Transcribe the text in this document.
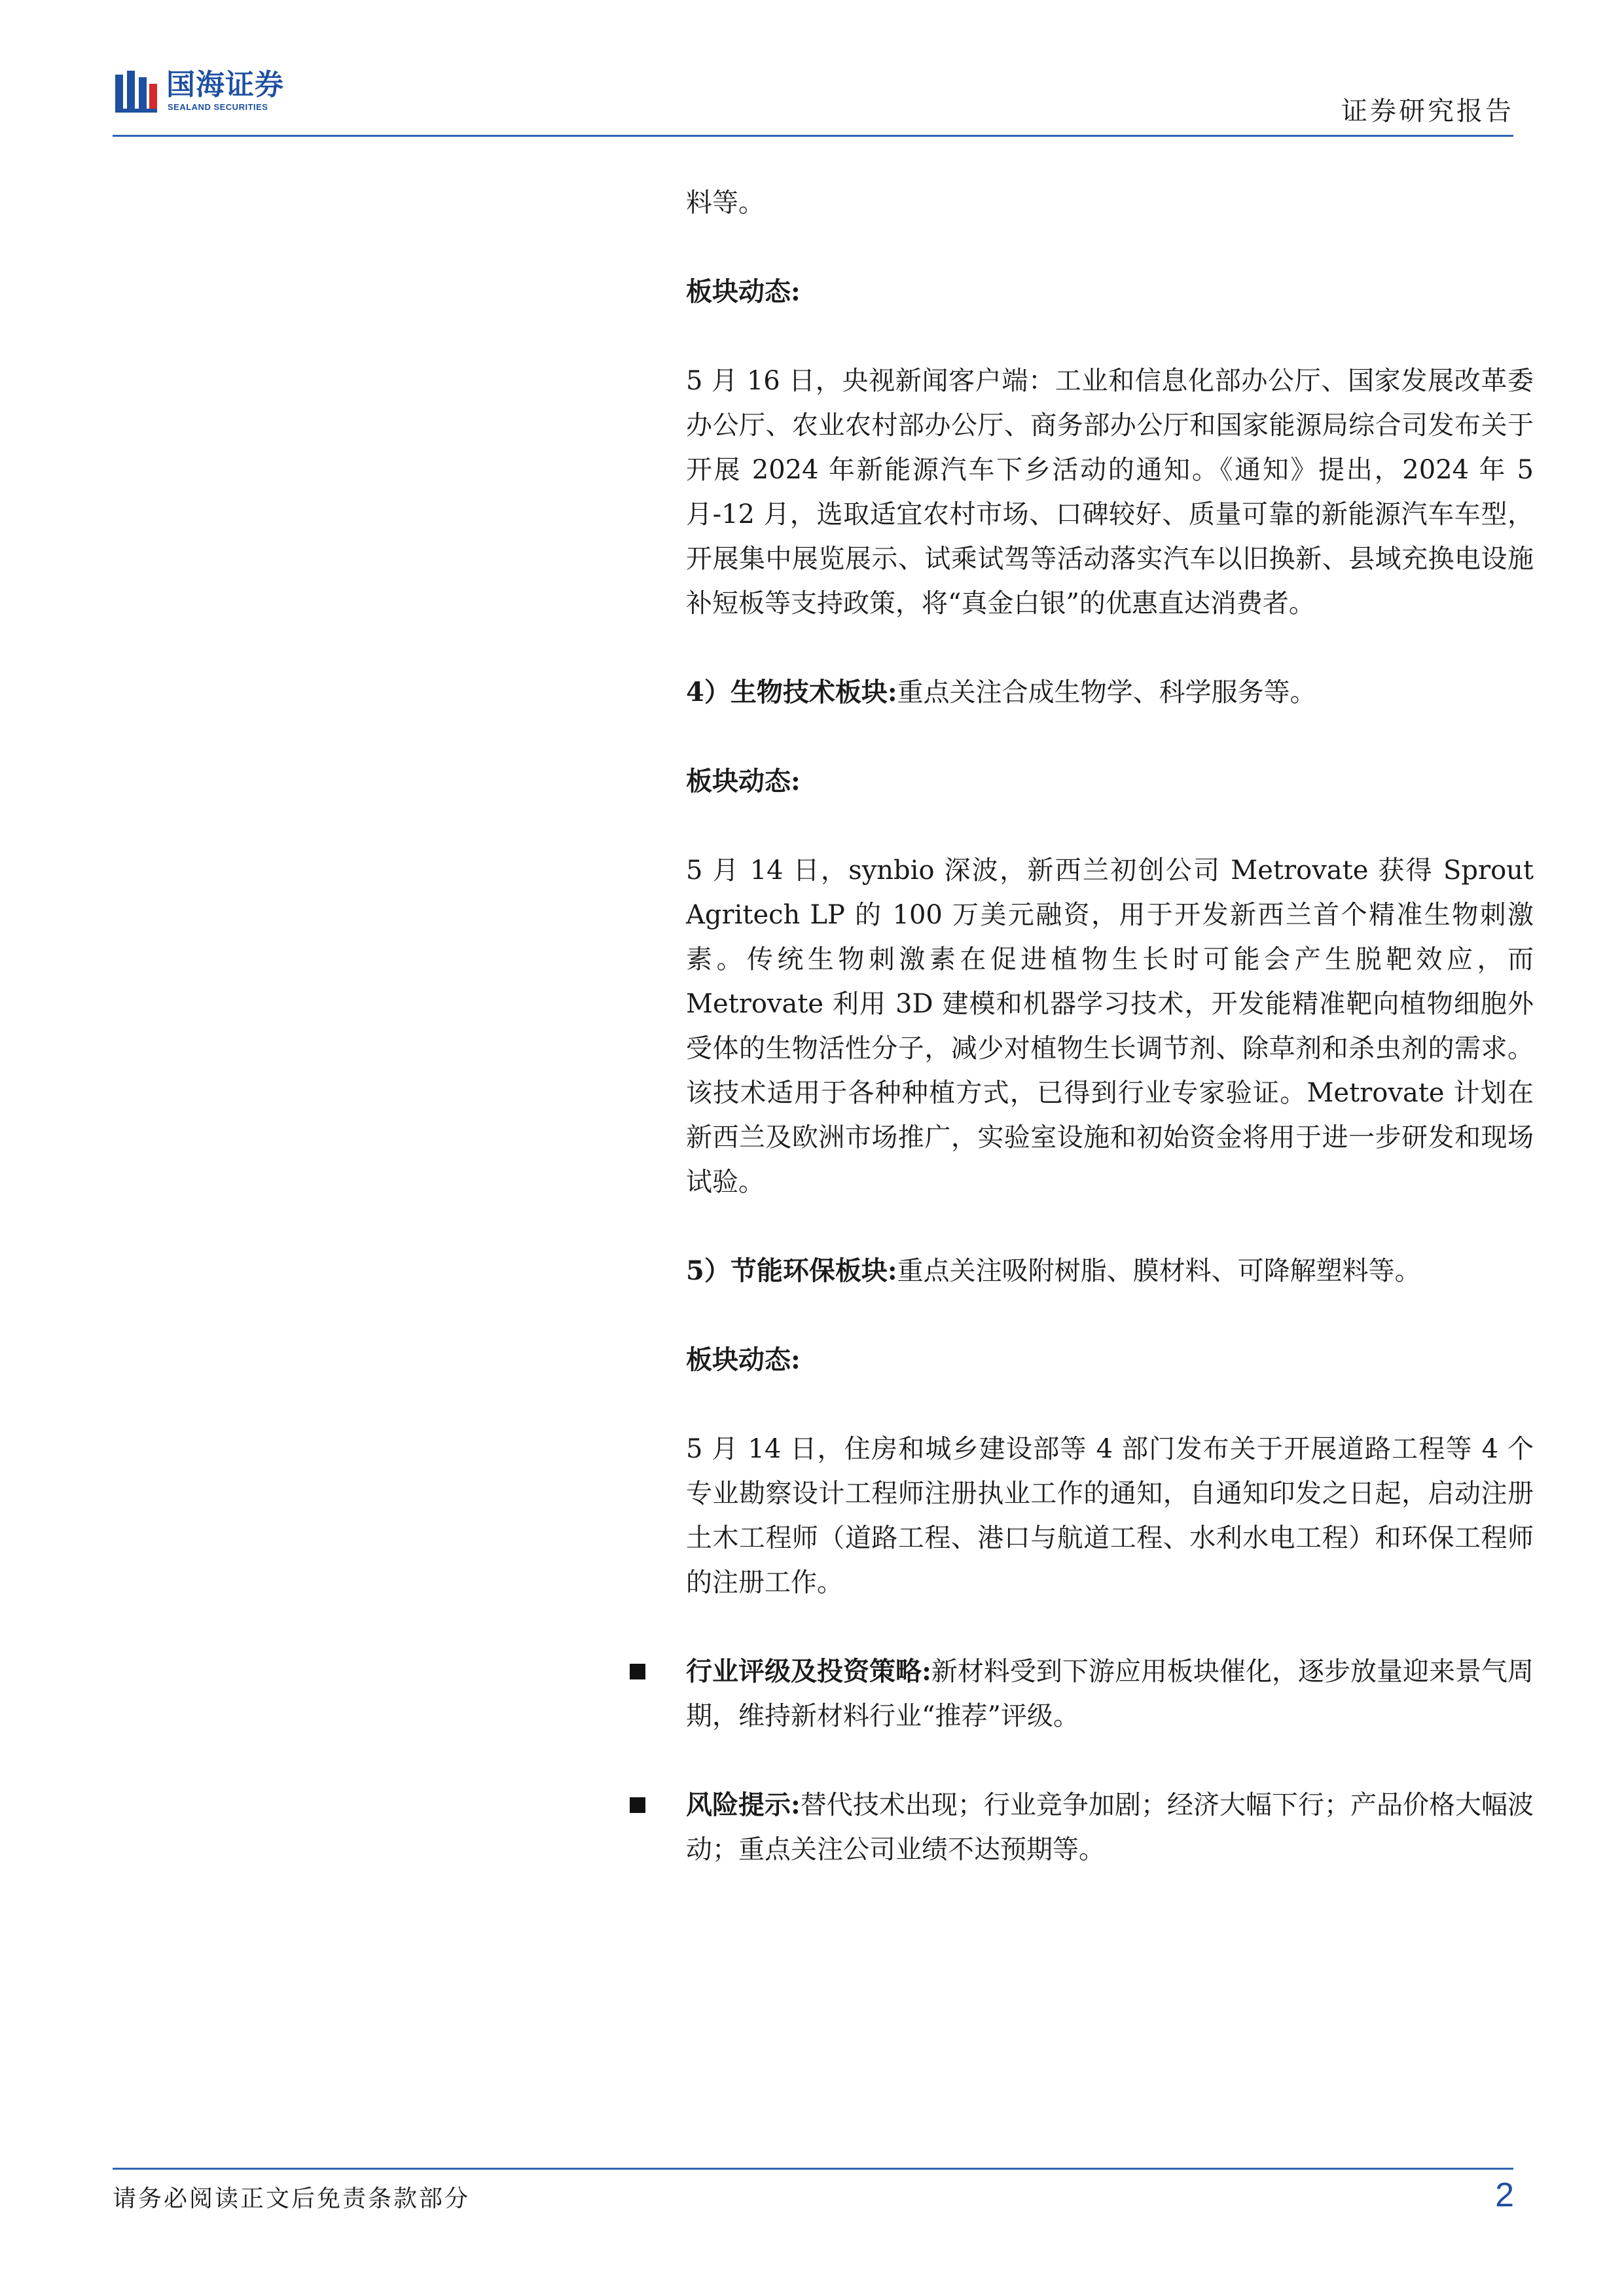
国海证券
SEALAND SECURITIES	证券研究报告

料等。

板块动态:

5 月 16 日，央视新闻客户端：工业和信息化部办公厅、国家发展改革委办公厅、农业农村部办公厅、商务部办公厅和国家能源局综合司发布关于开展 2024 年新能源汽车下乡活动的通知。《通知》提出，2024 年 5 月-12 月，选取适宜农村市场、口碑较好、质量可靠的新能源汽车车型，开展集中展览展示、试乘试驾等活动落实汽车以旧换新、县域充换电设施补短板等支持政策，将“真金白银”的优惠直达消费者。

4）生物技术板块:重点关注合成生物学、科学服务等。

板块动态:

5 月 14 日，synbio 深波，新西兰初创公司 Metrovate 获得 Sprout Agritech LP 的 100 万美元融资，用于开发新西兰首个精准生物刺激素。传统生物刺激素在促进植物生长时可能会产生脱靶效应，而 Metrovate 利用 3D 建模和机器学习技术，开发能精准靶向植物细胞外受体的生物活性分子，减少对植物生长调节剂、除草剂和杀虫剂的需求。该技术适用于各种种植方式，已得到行业专家验证。Metrovate 计划在新西兰及欧洲市场推广，实验室设施和初始资金将用于进一步研发和现场试验。

5）节能环保板块:重点关注吸附树脂、膜材料、可降解塑料等。

板块动态:

5 月 14 日，住房和城乡建设部等 4 部门发布关于开展道路工程等 4 个专业勘察设计工程师注册执业工作的通知，自通知印发之日起，启动注册土木工程师（道路工程、港口与航道工程、水利水电工程）和环保工程师的注册工作。

行业评级及投资策略:新材料受到下游应用板块催化，逐步放量迎来景气周期，维持新材料行业“推荐”评级。
风险提示:替代技术出现；行业竞争加剧；经济大幅下行；产品价格大幅波动；重点关注公司业绩不达预期等。
请务必阅读正文后免责条款部分	2
